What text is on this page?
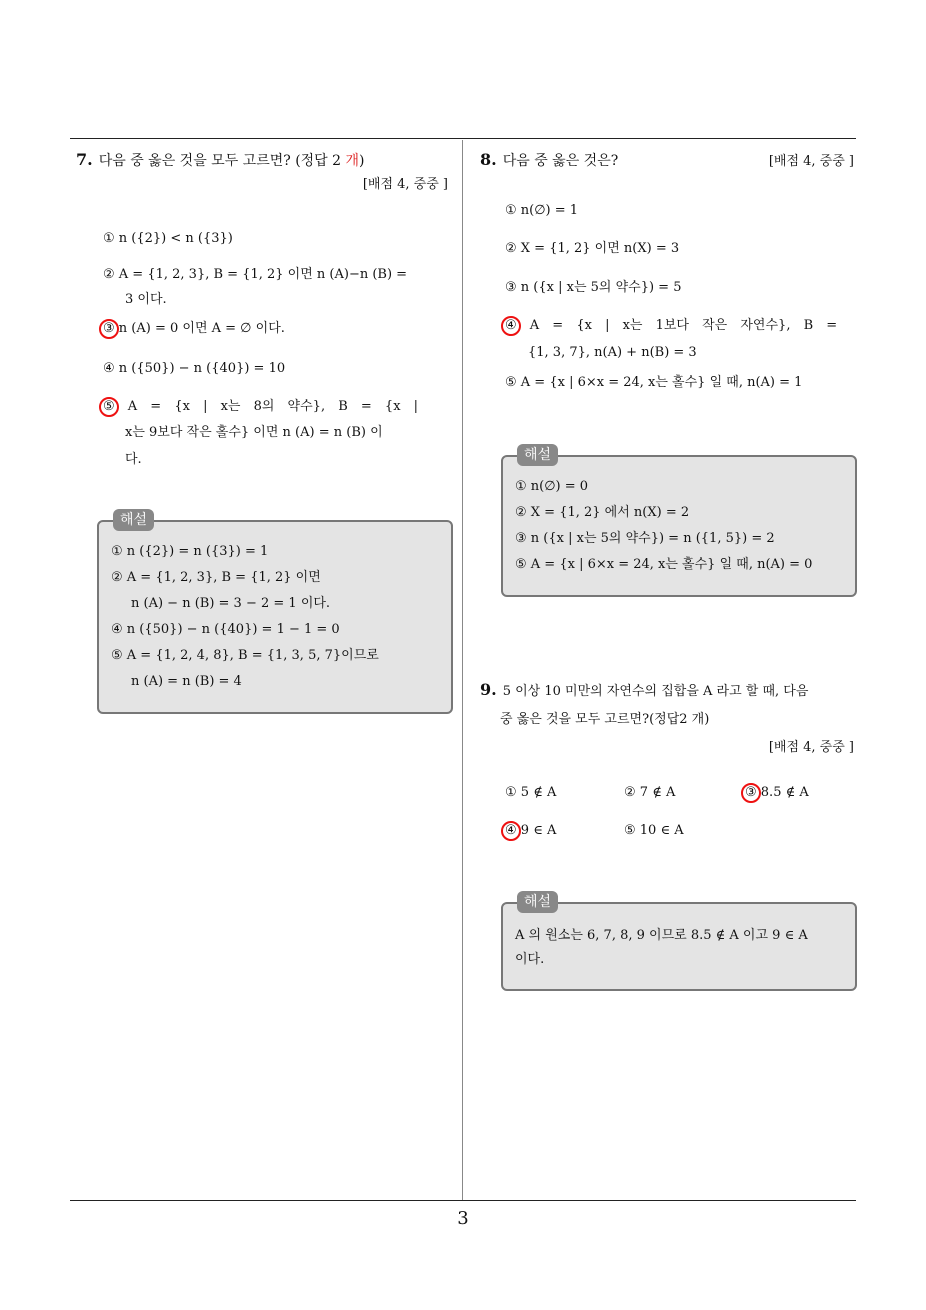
3
7. 다음 중 옳은 것을 모두 고르면? (정답 2 개)
[배점 4, 중중 ]
① n ({2}) < n ({3})
② A = {1, 2, 3}, B = {1, 2} 이면 n (A)−n (B) =
3 이다.
③ n (A) = 0 이면 A = ∅ 이다.
④ n ({50}) − n ({40}) = 10
⑤ A = {x | x는 8의 약수}, B = {x |
x는 9보다 작은 홀수} 이면 n (A) = n (B) 이
다.
해설
① n ({2}) = n ({3}) = 1
② A = {1, 2, 3}, B = {1, 2} 이면
n (A) − n (B) = 3 − 2 = 1 이다.
④ n ({50}) − n ({40}) = 1 − 1 = 0
⑤ A = {1, 2, 4, 8}, B = {1, 3, 5, 7}이므로
n (A) = n (B) = 4
8. 다음 중 옳은 것은?	[배점 4, 중중 ]
① n(∅) = 1
② X = {1, 2} 이면 n(X) = 3
③ n ({x | x는 5의 약수}) = 5
④ A = {x | x는 1보다 작은 자연수}, B =
{1, 3, 7}, n(A) + n(B) = 3
⑤ A = {x | 6×x = 24, x는 홀수} 일 때, n(A) = 1
해설
① n(∅) = 0
② X = {1, 2} 에서 n(X) = 2
③ n ({x | x는 5의 약수}) = n ({1, 5}) = 2
⑤ A = {x | 6×x = 24, x는 홀수} 일 때, n(A) = 0
9. 5 이상 10 미만의 자연수의 집합을 A 라고 할 때, 다음
중 옳은 것을 모두 고르면?(정답2 개)
[배점 4, 중중 ]
① 5 ∉ A	② 7 ∉ A	③ 8.5 ∉ A
④ 9 ∈ A	⑤ 10 ∈ A
해설
A 의 원소는 6, 7, 8, 9 이므로 8.5 ∉ A 이고 9 ∈ A
이다.
